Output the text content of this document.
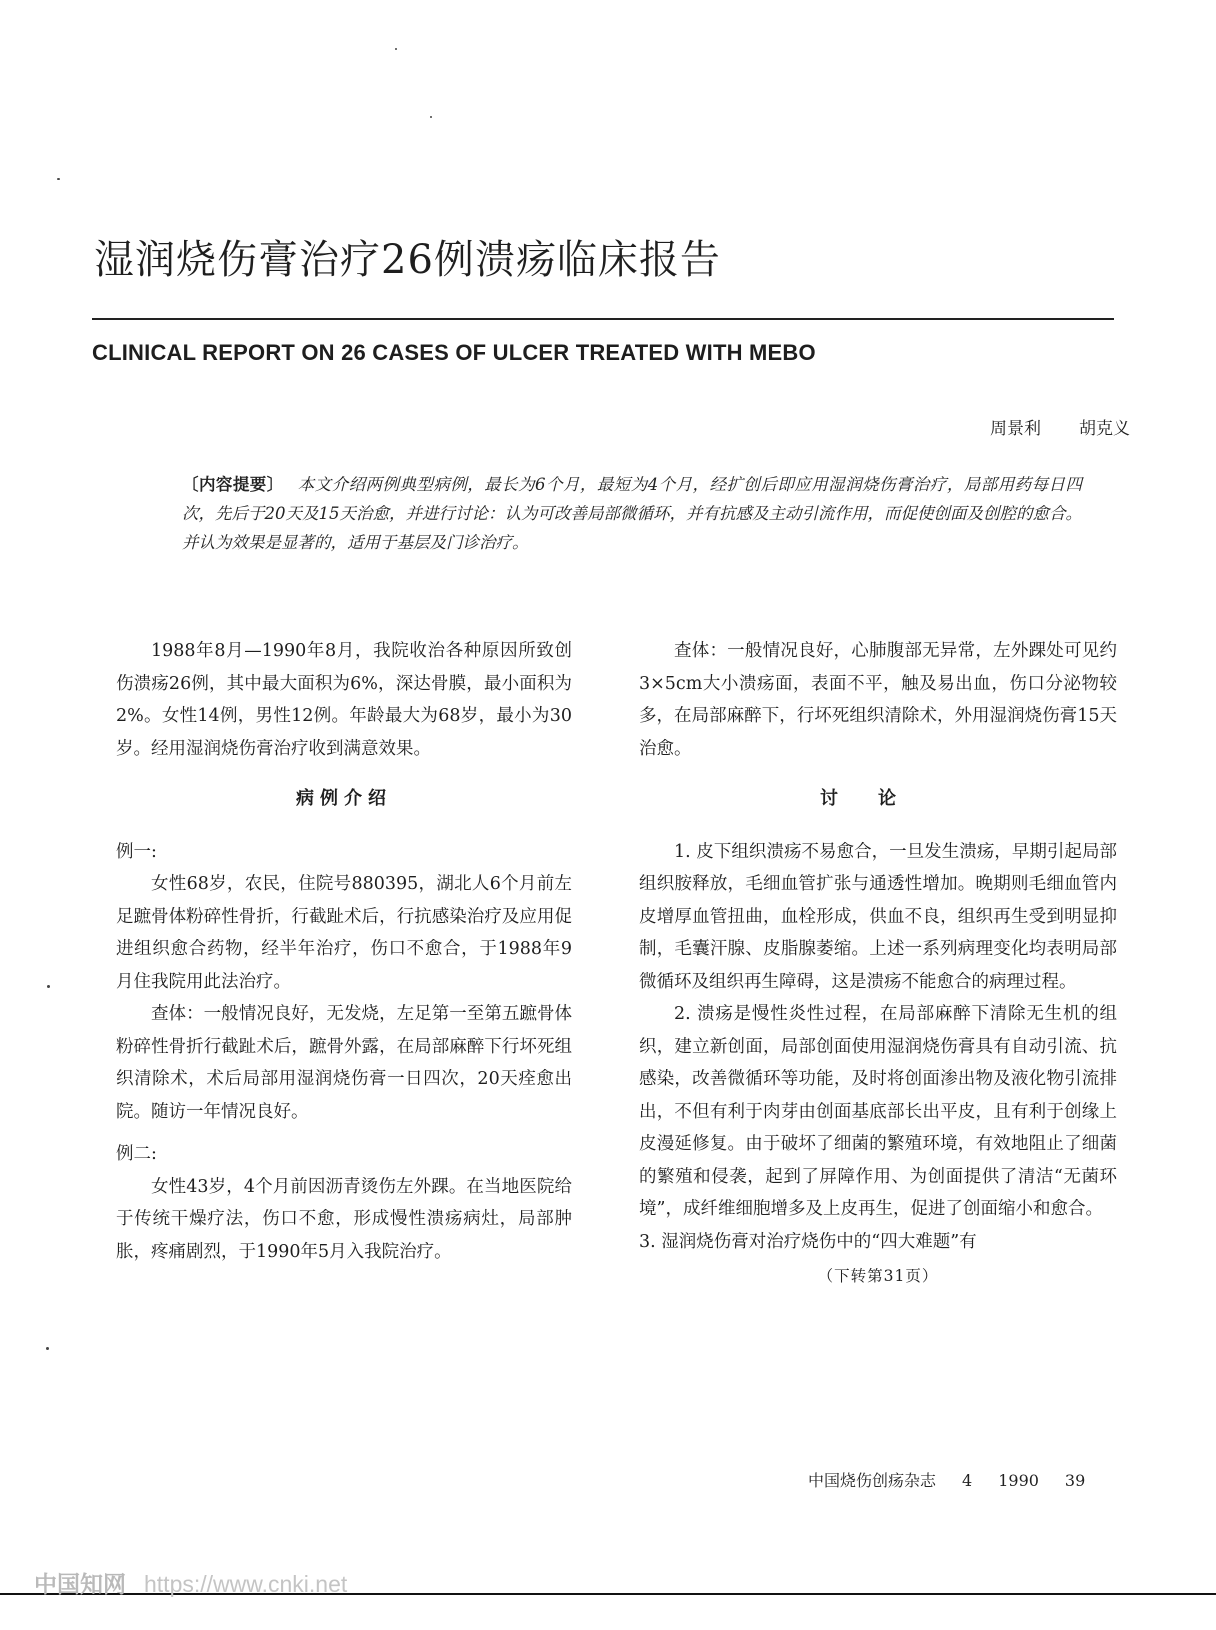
湿润烧伤膏治疗26例溃疡临床报告
CLINICAL REPORT ON 26 CASES OF ULCER TREATED WITH MEBO
周景利 胡克义
〔内容提要〕 本文介绍两例典型病例，最长为6个月，最短为4个月，经扩创后即应用湿润烧伤膏治疗，局部用药每日四次，先后于20天及15天治愈，并进行讨论：认为可改善局部微循环，并有抗感及主动引流作用，而促使创面及创腔的愈合。并认为效果是显著的，适用于基层及门诊治疗。

1988年8月—1990年8月，我院收治各种原因所致创伤溃疡26例，其中最大面积为6%，深达骨膜，最小面积为2%。女性14例，男性12例。年龄最大为68岁，最小为30岁。经用湿润烧伤膏治疗收到满意效果。

病例介绍

例一:

女性68岁，农民，住院号880395，湖北人6个月前左足蹠骨体粉碎性骨折，行截趾术后，行抗感染治疗及应用促进组织愈合药物，经半年治疗，伤口不愈合，于1988年9月住我院用此法治疗。

查体：一般情况良好，无发烧，左足第一至第五蹠骨体粉碎性骨折行截趾术后，蹠骨外露，在局部麻醉下行坏死组织清除术，术后局部用湿润烧伤膏一日四次，20天痊愈出院。随访一年情况良好。

例二:

女性43岁，4个月前因沥青烫伤左外踝。在当地医院给于传统干燥疗法，伤口不愈，形成慢性溃疡病灶，局部肿胀，疼痛剧烈，于1990年5月入我院治疗。

查体：一般情况良好，心肺腹部无异常，左外踝处可见约3×5cm大小溃疡面，表面不平，触及易出血，伤口分泌物较多，在局部麻醉下，行坏死组织清除术，外用湿润烧伤膏15天治愈。

讨论

1. 皮下组织溃疡不易愈合，一旦发生溃疡，早期引起局部组织胺释放，毛细血管扩张与通透性增加。晚期则毛细血管内皮增厚血管扭曲，血栓形成，供血不良，组织再生受到明显抑制，毛囊汗腺、皮脂腺萎缩。上述一系列病理变化均表明局部微循环及组织再生障碍，这是溃疡不能愈合的病理过程。

2. 溃疡是慢性炎性过程，在局部麻醉下清除无生机的组织，建立新创面，局部创面使用湿润烧伤膏具有自动引流、抗感染，改善微循环等功能，及时将创面渗出物及液化物引流排出，不但有利于肉芽由创面基底部长出平皮，且有利于创缘上皮漫延修复。由于破坏了细菌的繁殖环境，有效地阻止了细菌的繁殖和侵袭，起到了屏障作用、为创面提供了清洁“无菌环境”，成纤维细胞增多及上皮再生，促进了创面缩小和愈合。

3. 湿润烧伤膏对治疗烧伤中的“四大难题”有

（下转第31页）
中国烧伤创疡杂志 4 1990 39
中国知网 https://www.cnki.net
